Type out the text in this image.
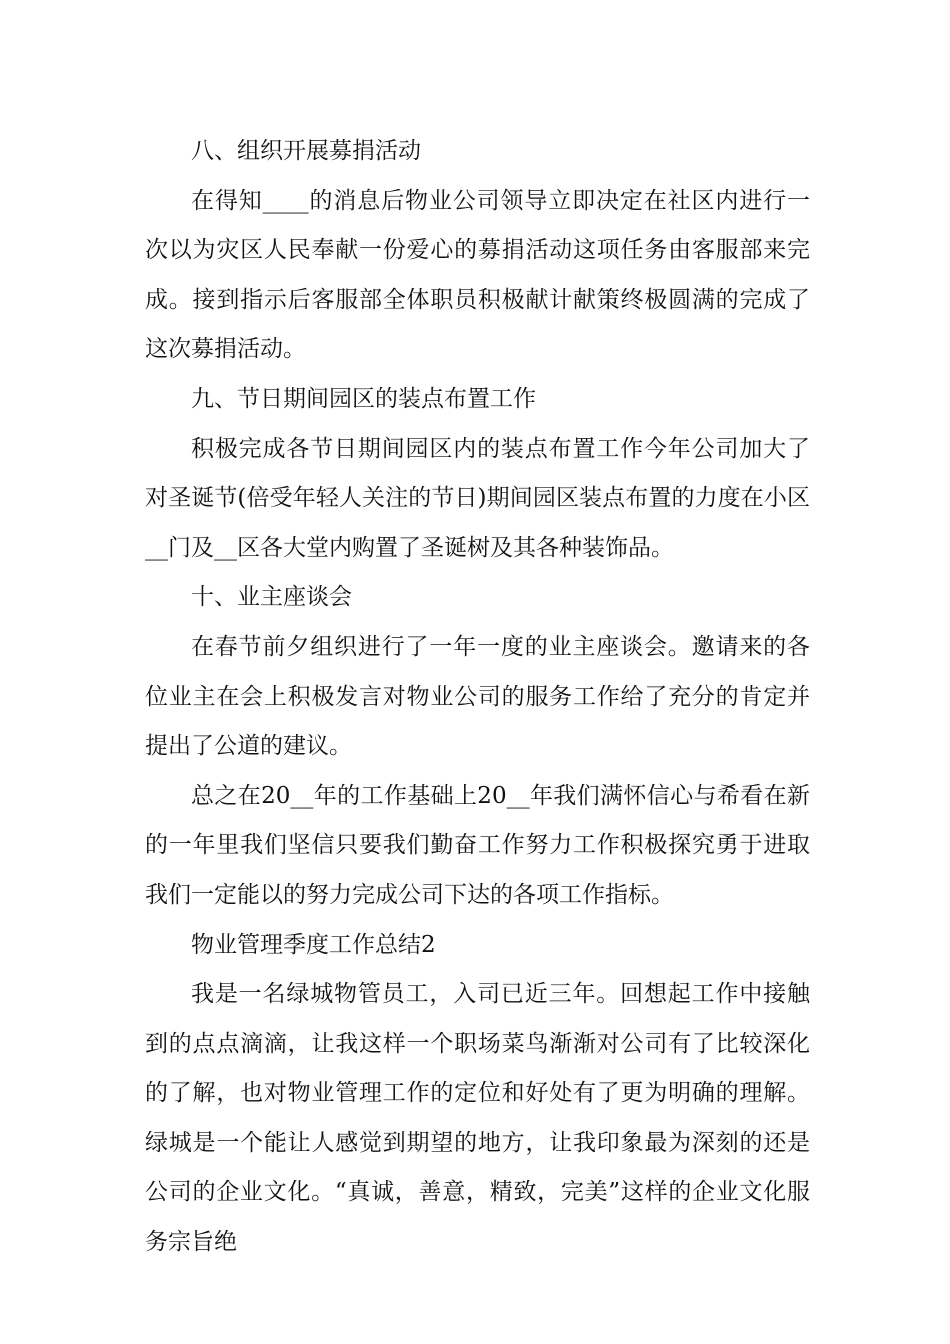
八、组织开展募捐活动

在得知____的消息后物业公司领导立即决定在社区内进行一次以为灾区人民奉献一份爱心的募捐活动这项任务由客服部来完成。接到指示后客服部全体职员积极献计献策终极圆满的完成了这次募捐活动。

九、节日期间园区的装点布置工作

积极完成各节日期间园区内的装点布置工作今年公司加大了对圣诞节(倍受年轻人关注的节日)期间园区装点布置的力度在小区__门及__区各大堂内购置了圣诞树及其各种装饰品。

十、业主座谈会

在春节前夕组织进行了一年一度的业主座谈会。邀请来的各位业主在会上积极发言对物业公司的服务工作给了充分的肯定并提出了公道的建议。

总之在20__年的工作基础上20__年我们满怀信心与希看在新的一年里我们坚信只要我们勤奋工作努力工作积极探究勇于进取我们一定能以的努力完成公司下达的各项工作指标。

物业管理季度工作总结2

我是一名绿城物管员工，入司已近三年。回想起工作中接触到的点点滴滴，让我这样一个职场菜鸟渐渐对公司有了比较深化的了解，也对物业管理工作的定位和好处有了更为明确的理解。绿城是一个能让人感觉到期望的地方，让我印象最为深刻的还是公司的企业文化。“真诚，善意，精致，完美”这样的企业文化服务宗旨绝
